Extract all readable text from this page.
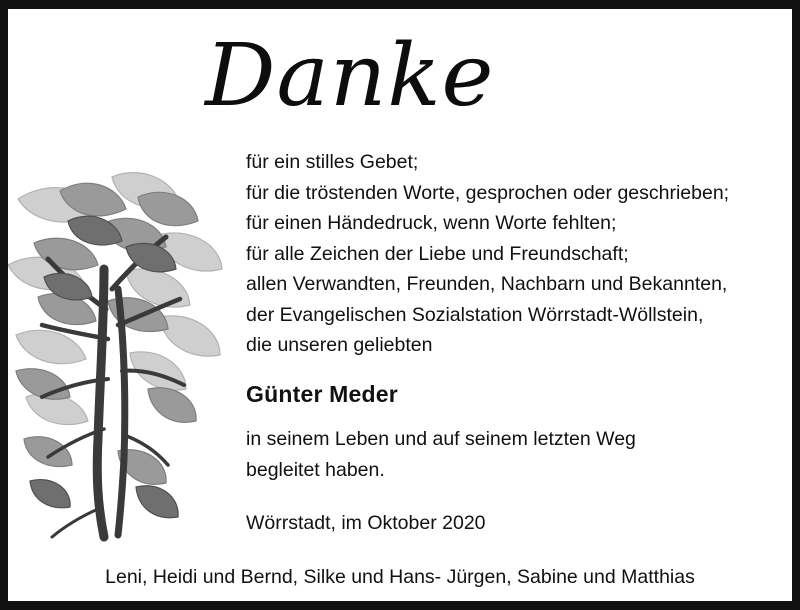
Danke
für ein stilles Gebet;
für die tröstenden Worte, gesprochen oder geschrieben;
für einen Händedruck, wenn Worte fehlten;
für alle Zeichen der Liebe und Freundschaft;
allen Verwandten, Freunden, Nachbarn und Bekannten,
der Evangelischen Sozialstation Wörrstadt-Wöllstein,
die unseren geliebten
Günter Meder
in seinem Leben und auf seinem letzten Weg
begleitet haben.
Wörrstadt, im Oktober 2020
Leni, Heidi und Bernd, Silke und Hans- Jürgen, Sabine und Matthias
